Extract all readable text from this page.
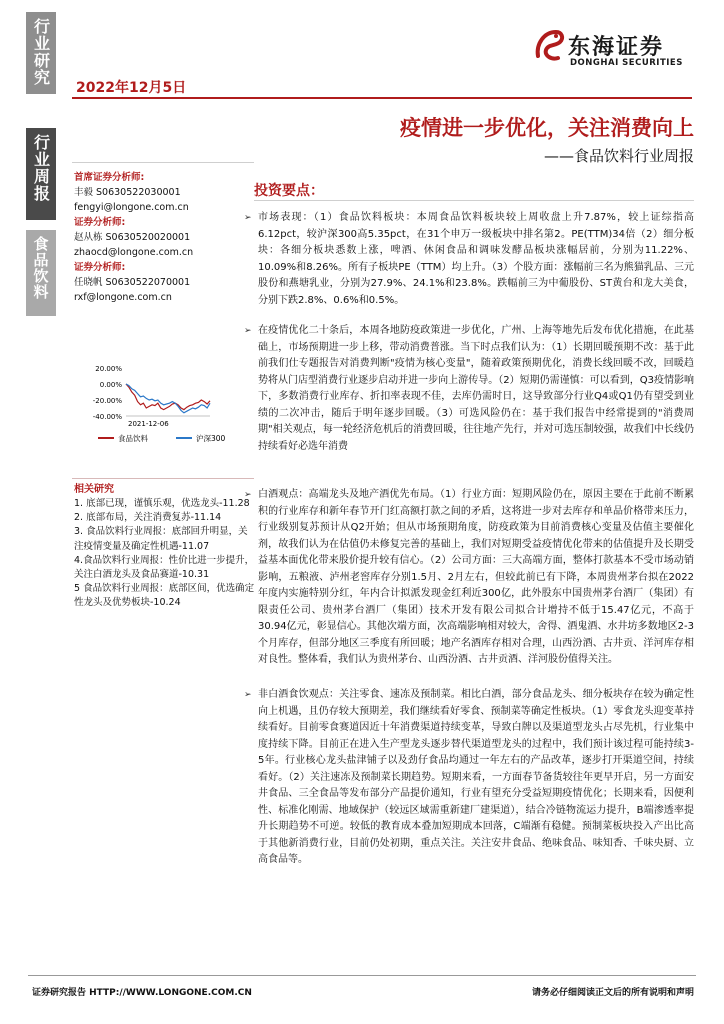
行业研究
行业周报
食品饮料
2022年12月5日
东海证券
DONGHAI SECURITIES
疫情进一步优化，关注消费向上
——食品饮料行业周报
首席证券分析师:
丰毅 S0630522030001
fengyi@longone.com.cn
证券分析师:
赵从栋 S0630520020001
zhaocd@longone.com.cn
证券分析师:
任晓帆 S0630522070001
rxf@longone.com.cn
20.00%
0.00%
-20.00%
-40.00%
2021-12-06
食品饮料	沪深300
相关研究
1. 底部已现，谨慎乐观，优选龙头-11.28
2. 底部布局，关注消费复苏-11.14
3. 食品饮料行业周报：底部回升明显，关注疫情变量及确定性机遇-11.07
4.食品饮料行业周报：性价比进一步提升，关注白酒龙头及食品赛道-10.31
5 食品饮料行业周报：底部区间，优选确定性龙头及优势板块-10.24
投资要点：
➢ 市场表现：（1）食品饮料板块：本周食品饮料板块较上周收盘上升7.87%，较上证综指高6.12pct，较沪深300高5.35pct，在31个申万一级板块中排名第2。PE(TTM)34倍（2）细分板块：各细分板块悉数上涨，啤酒、休闲食品和调味发酵品板块涨幅居前，分别为11.22%、10.09%和8.26%。所有子板块PE（TTM）均上升。（3）个股方面：涨幅前三名为熊猫乳品、三元股份和燕塘乳业，分别为27.9%、24.1%和23.8%。跌幅前三为中葡股份、ST黄台和龙大美食，分别下跌2.8%、0.6%和0.5%。
➢ 在疫情优化二十条后，本周各地防疫政策进一步优化，广州、上海等地先后发布优化措施，在此基础上，市场预期进一步上移，带动消费普涨。当下时点我们认为：（1）长期回暖预期不改：基于此前我们仕专题报告对消费判断"疫情为核心变量"，随着政策预期优化，消费长线回暖不改，回暖趋势将从门店型消费行业逐步启动并进一步向上游传导。（2）短期仍需谨慎：可以看到，Q3疫情影响下，多数消费行业库存、折扣率表现不佳，去库仍需时日，这导致部分行业Q4或Q1仍有望受到业绩的二次冲击，随后于明年逐步回暖。（3）可选风险仍在：基于我们报告中经常提到的"消费周期"相关观点，每一轮经济危机后的消费回暖，往往地产先行，并对可选压制较强，故我们中长线仍持续看好必选年消费
➢ 白酒观点：高端龙头及地产酒优先布局。（1）行业方面：短期风险仍在，原因主要在于此前不断累积的行业库存和新年春节开门红高额打款之间的矛盾，这将进一步对去库存和单品价格带来压力，行业级别复苏预计从Q2开始；但从市场预期角度，防疫政策为目前消费核心变量及估值主要催化剂，故我们认为在估值仍未修复完善的基础上，我们对短期受益疫情优化带来的估值提升及长期受益基本面优化带来股价提升较有信心。（2）公司方面：三大高端方面，整体打款基本不受市场动销影响，五粮液、泸州老窖库存分别1.5月、2月左右，但较此前已有下降，本周贵州茅台拟在2022年度内实施特别分红，年内合计拟派发现金红利近300亿，此外股东中国贵州茅台酒厂（集团）有限责任公司、贵州茅台酒厂（集团）技术开发有限公司拟合计增持不低于15.47亿元，不高于30.94亿元，彰显信心。其他次端方面，次高端影响相对较大，舍得、酒鬼酒、水井坊多数地区2-3个月库存，但部分地区三季度有所回暖；地产名酒库存相对合理，山西汾酒、古井贡、洋河库存相对良性。整体看，我们认为贵州茅台、山西汾酒、古井贡酒、洋河股份值得关注。
➢ 非白酒食饮观点：关注零食、速冻及预制菜。相比白酒，部分食品龙头、细分板块存在较为确定性向上机遇，且仍存较大预期差，我们继续看好零食、预制菜等确定性板块。（1）零食龙头迎变革持续看好。目前零食赛道因近十年消费渠道持续变革，导致白牌以及渠道型龙头占尽先机，行业集中度持续下降。目前正在进入生产型龙头逐步替代渠道型龙头的过程中，我们预计该过程可能持续3-5年。行业核心龙头盐津铺子以及劲仔食品均通过一年左右的产品改革，逐步打开渠道空间，持续看好。（2）关注速冻及预制菜长期趋势。短期来看，一方面春节备货较往年更早开启，另一方面安井食品、三全食品等发布部分产品提价通知，行业有望充分受益短期疫情优化；长期来看，因便利性、标准化刚需、地域保护（较远区域需重新建厂建渠道），结合冷链物流运力提升，B端渗透率提升长期趋势不可逆。较低的教育成本叠加短期成本回落，C端渐有稳健。预制菜板块投入产出比高于其他新消费行业，目前仍处初期，重点关注。关注安井食品、绝味食品、味知香、千味央厨、立高食品等。
证券研究报告 HTTP://WWW.LONGONE.COM.CN	请务必仔细阅读正文后的所有说明和声明
